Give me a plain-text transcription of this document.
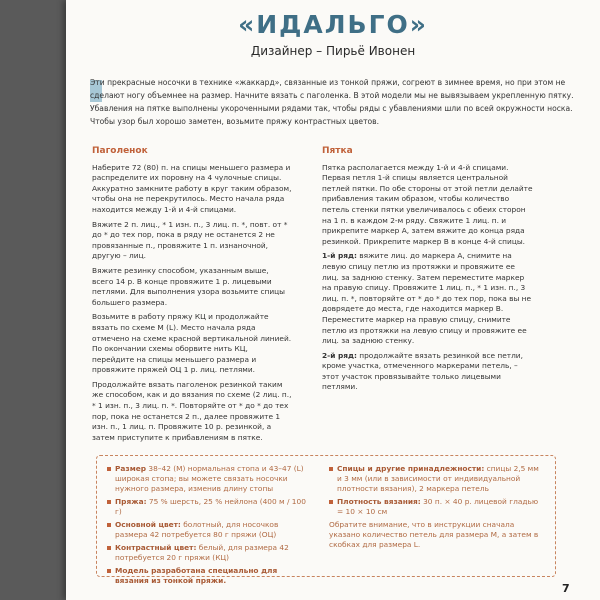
«ИДАЛЬГО»
Дизайнер – Пирьё Ивонен
Эти прекрасные носочки в технике «жаккард», связанные из тонкой пряжи, согреют в зимнее время, но при этом не сделают ногу объемнее на размер. Начните вязать с паголенка. В этой модели мы не вывязываем укрепленную пятку. Убавления на пятке выполнены укороченными рядами так, чтобы ряды с убавлениями шли по всей окружности носка. Чтобы узор был хорошо заметен, возьмите пряжу контрастных цветов.
Паголенок

Наберите 72 (80) п. на спицы меньшего размера и распределите их поровну на 4 чулочные спицы. Аккуратно замкните работу в круг таким образом, чтобы она не перекрутилось. Место начала ряда находится между 1-й и 4-й спицами.

Вяжите 2 п. лиц., * 1 изн. п., 3 лиц. п. *, повт. от * до * до тех пор, пока в ряду не останется 2 не провязанные п., провяжите 1 п. изнаночной, другую – лиц.

Вяжите резинку способом, указанным выше, всего 14 р. В конце провяжите 1 р. лицевыми петлями. Для выполнения узора возьмите спицы большего размера.

Возьмите в работу пряжу КЦ и продолжайте вязать по схеме М (L). Место начала ряда отмечено на схеме красной вертикальной линией. По окончании схемы оборвите нить КЦ, перейдите на спицы меньшего размера и провяжите пряжей ОЦ 1 р. лиц. петлями.

Продолжайте вязать паголенок резинкой таким же способом, как и до вязания по схеме (2 лиц. п., * 1 изн. п., 3 лиц. п. *. Повторяйте от * до * до тех пор, пока не останется 2 п., далее провяжите 1 изн. п., 1 лиц. п. Провяжите 10 р. резинкой, а затем приступите к прибавлениям в пятке.

Пятка

Пятка располагается между 1-й и 4-й спицами. Первая петля 1-й спицы является центральной петлей пятки. По обе стороны от этой петли делайте прибавления таким образом, чтобы количество петель стенки пятки увеличивалось с обеих сторон на 1 п. в каждом 2-м ряду. Свяжите 1 лиц. п. и прикрепите маркер A, затем вяжите до конца ряда резинкой. Прикрепите маркер B в конце 4-й спицы.

1-й ряд: вяжите лиц. до маркера A, снимите на левую спицу петлю из протяжки и провяжите ее лиц. за заднюю стенку. Затем переместите маркер на правую спицу. Провяжите 1 лиц. п., * 1 изн. п., 3 лиц. п. *, повторяйте от * до * до тех пор, пока вы не доврядете до места, где находится маркер B. Переместите маркер на правую спицу, снимите петлю из протяжки на левую спицу и провяжите ее лиц. за заднюю стенку.

2-й ряд: продолжайте вязать резинкой все петли, кроме участка, отмеченного маркерами петель, – этот участок провязывайте только лицевыми петлями.

Размер 38–42 (M) нормальная стопа и 43–47 (L) широкая стопа; вы можете связать носочки нужного размера, изменив длину стопы
Пряжа: 75 % шерсть, 25 % нейлона (400 м / 100 г)
Основной цвет: болотный, для носочков размера 42 потребуется 80 г пряжи (ОЦ)
Контрастный цвет: белый, для размера 42 потребуется 20 г пряжи (КЦ)
Модель разработана специально для вязания из тонкой пряжи.
Спицы и другие принадлежности: спицы 2,5 мм и 3 мм (или в зависимости от индивидуальной плотности вязания), 2 маркера петель
Плотность вязания: 30 п. × 40 р. лицевой гладью = 10 × 10 см
Обратите внимание, что в инструкции сначала указано количество петель для размера M, а затем в скобках для размера L.
7
